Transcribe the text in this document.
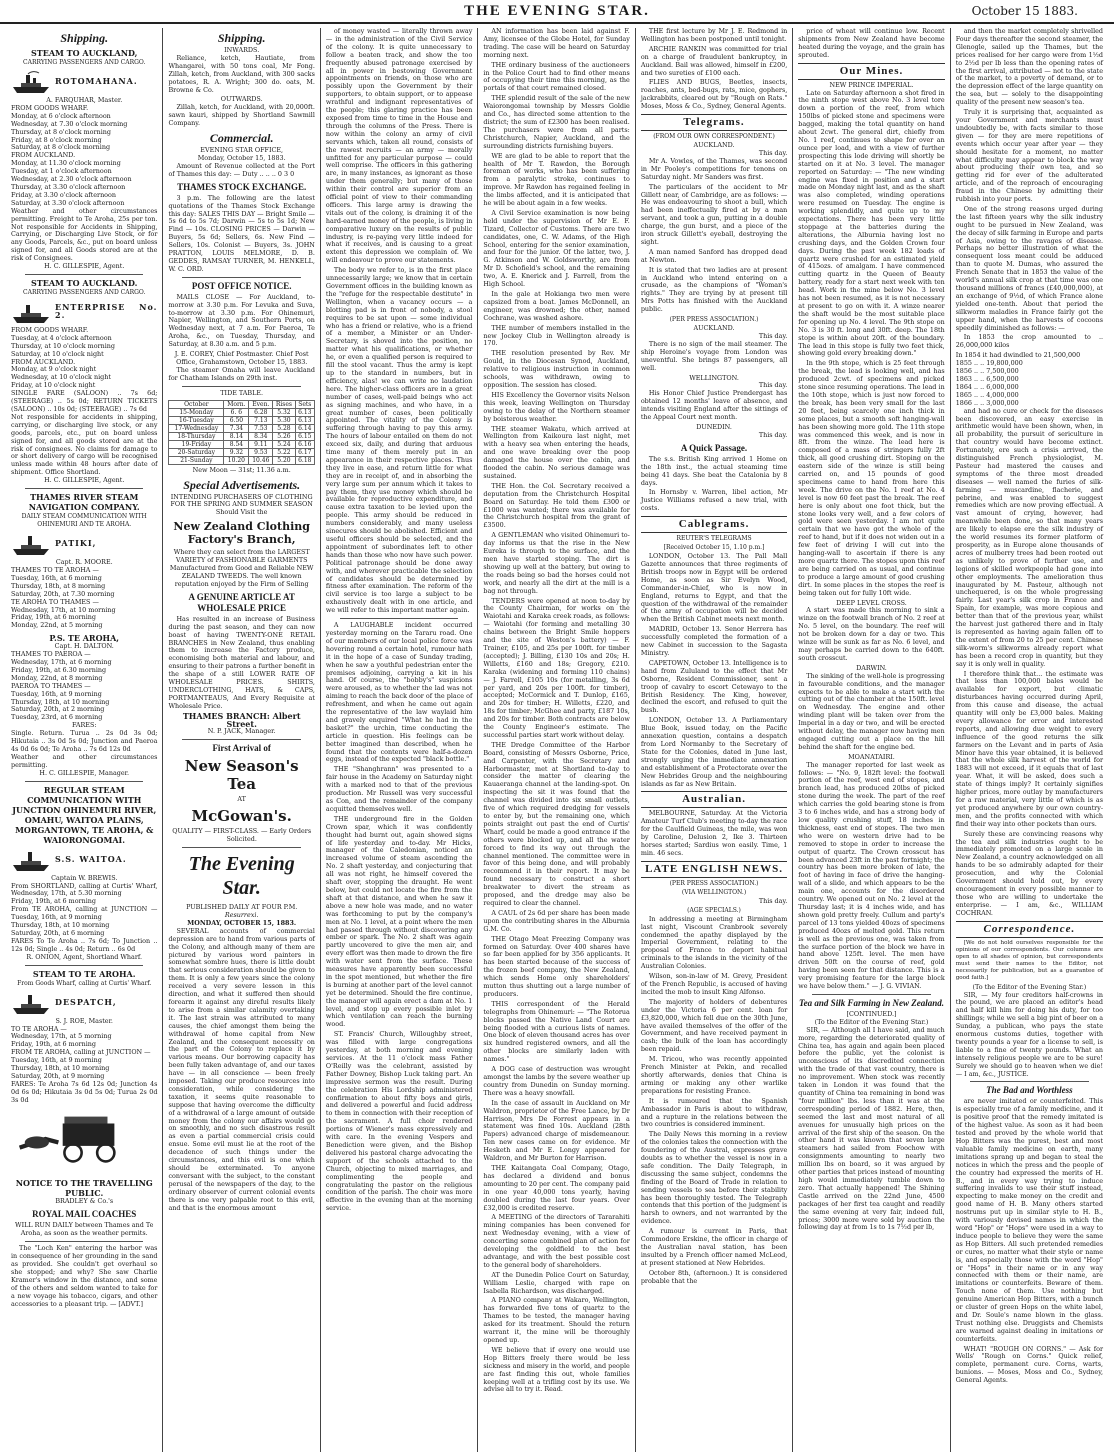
THE EVENING STAR.	October 15 1883.
Shipping.
STEAM TO AUCKLAND,
CARRYING PASSENGERS AND CARGO.
ROTOMAHANA.
A. FARQUHAR, Master.
FROM GOODS WHARF.
Monday, at 6 o'clock afternoon
Wednesday, at 7.30 o'clock morning
Thursday, at 8 o'clock morning
Friday, at 8 o'clock morning
Saturday, at 8 o'clock morning
FROM AUCKLAND.
Monday, at 11.30 o'clock morning
Tuesday, at 1 o'clock afternoon
Wednesday, at 2.30 o'clock afternoon
Thursday, at 3.30 o'clock afternoon
Friday, at 3.30 o'clock afternoon
Saturday, at 3.30 o'clock afternoon
Weather and other circumstances permitting. Freight to Te Aroha, 25s per ton. Not responsible for Accidents in Shipping, Carrying, or Discharging Live Stock, or for any Goods, Parcels, &c., put on board unless signed for, and all Goods stored are at the risk of Consignees.
H. C. GILLESPIE, Agent.
STEAM TO AUCKLAND.
CARRYING PASSENGERS AND CARGO.
ENTERPRISE No. 2.
FROM GOODS WHARF.
Tuesday, at 4 o'clock afternoon
Thursday, at 10 o'clock morning
Saturday, at 10 o'clock night
FROM AUCKLAND.
Monday, at 9 o'clock night
Wednesday, at 10 o'clock night
Friday, at 10 o'clock night
SINGLE FARE (SALOON) .. 7s 6d; (STEERAGE) .. 5s 0d; RETURN TICKETS (SALOON) .. 10s 0d; (STEERAGE) .. 7s 6d
Not responsible for accidents in shipping, carrying, or discharging live stock, or any goods, parcels, etc., put on board unless signed for, and all goods stored are at the risk of consignees. No claims for damage to or short delivery of cargo will be recognised unless made within 48 hours after date of shipment. Office Shortland.
H. C. GILLESPIE, Agent.
THAMES RIVER STEAM NAVIGATION COMPANY.
DAILY STEAM COMMUNICATION WITH OHINEMURI AND TE AROHA.
PATIKI,
Capt. R. MOORE.
THAMES TO TE AROHA —
Tuesday, 16th, at 6 morning
Thursday, 18th, at 8 morning
Saturday, 20th, at 7.30 morning
TE AROHA TO THAMES —
Wednesday, 17th, at 10 morning
Friday, 19th, at 6 morning
Monday, 22nd, at 5 morning
P.S. TE AROHA,
Capt. H. DALTON.
THAMES TO PAEROA —
Wednesday, 17th, at 6 morning
Friday, 19th, at 6.30 morning
Monday, 22nd, at 8 morning
PAEROA TO THAMES —
Tuesday, 16th, at 9 morning
Thursday, 18th, at 10 morning
Saturday, 20th, at 2 morning
Tuesday, 23rd, at 6 morning
FARES:
Single. Return. Turua .. 2s 0d 3s 0d; Hikutaia .. 3s 0d 5s 0d; Junction and Paeroa 4s 0d 6s 0d; Te Aroha .. 7s 6d 12s 0d
Weather and other circumstances permitting.
H. C. GILLESPIE, Manager.
REGULAR STEAM COMMUNICATION WITH JUNCTION OHINEMURI RIVER, OMAHU, WAITOA PLAINS, MORGANTOWN, TE AROHA, & WAIORONGOMAI.
S.S. WAITOA.
Captain W. BREWIS.
From SHORTLAND, calling at Curtis' Wharf, Wednesday, 17th, at 5.30 morning
Friday, 19th, at 6 morning
From TE AROHA, calling at JUNCTION — Tuesday, 16th, at 9 morning
Thursday, 18th, at 10 morning
Saturday, 20th, at 6 morning
FARES To Te Aroha .. 7s 6d; To Junction .. 12s 0d; Single .. 4s 0d; Return .. 6s 0d
R. ONION, Agent, Shortland Wharf.
STEAM TO TE AROHA.
From Goods Wharf, calling at Curtis' Wharf.
DESPATCH,
S. J. ROE, Master.
TO TE AROHA —
Wednesday, 17th, at 5 morning
Friday, 19th, at 6 morning
FROM TE AROHA, calling at JUNCTION —
Tuesday, 16th, at 9 morning
Thursday, 18th, at 10 morning
Saturday, 20th, at 9 morning
FARES: Te Aroha 7s 6d 12s 0d; Junction 4s 0d 6s 0d; Hikutaia 3s 0d 5s 0d; Turua 2s 0d 3s 0d
NOTICE TO THE TRAVELLING PUBLIC.
BRADLEY & Co.'s
ROYAL MAIL COACHES
WILL RUN DAILY between Thames and Te Aroha, as soon as the weather permits.
The "Loch Ken" entering the harbor was in consequence of her grounding in the sand as provided. She couldn't get overhaul so she stopped; and why? She saw Charlie Kramer's window in the distance, and some of the others and seldom wanted to take for a new voyage his tobacco, cigars, and other accessories to a pleasant trip. — [ADVT.]
Shipping.
INWARDS.
Reliance, ketch, Hautiate, from Whangarei, with 50 tons coal, Mr Fong. Zillah, ketch, from Auckland, with 300 sacks potatoes, R. A. Wright; 300 do. oats, M. Browne & Co.
OUTWARDS.
Zillah, ketch, for Auckland, with 20,000ft. sawn kauri, shipped by Shortland Sawmill Company.
Commercial.
EVENING STAR OFFICE,
Monday, October 15, 1883.
Amount of Revenue collected at the Port of Thames this day: — Duty .. .. .. 0 3 0
THAMES STOCK EXCHANGE.
3 p.m. The following are the latest quotations of the Thames Stock Exchange this day: SALES THIS DAY — Bright Smile — 5s 6d to 5s 7d; Darwin — 5s to 5s 1d; New Find — 10s. CLOSING PRICES — Darwin — Buyers, 5s 6d; Sellers, 6s. New Find — Sellers, 10s. Colonist — Buyers, 3s. JOHN PRATTON, LOUIS MELMORE, D. B. GEDDES, RAMSAY TURNER, M. HENKELL, W. C. ORD.
POST OFFICE NOTICE.
MAILS CLOSE — For Auckland, to-morrow at 3.30 p.m. For Levuka and Suva, to-morrow at 3.30 p.m. For Ohinemuri, Napier, Wellington, and Southern Ports, on Wednesday next, at 7 a.m. For Paeroa, Te Aroha, &c., on Tuesday, Thursday, and Saturday, at 8.30 a.m. and 5 p.m.
J. E. COREY, Chief Postmaster. Chief Post Office, Grahamstown, October 15, 1883.
The steamer Omaha will leave Auckland for Chatham Islands on 29th inst.
TIDE TABLE.
October	Morn.	Even.	Rises	Sets
15-Monday	6. 6	6.28	5.32	6.13
16-Tuesday	6.50	7.13	5.30	6.13
17-Wednesday	7.34	7.53	5.28	6.14
18-Thursday	8.14	8.34	5.26	6.15
19-Friday	8.54	9.11	5.24	6.16
20-Saturday	9.32	9.53	5.22	6.17
21-Sunday	10.20	10.46	5.20	6.18
New Moon — 31st; 11.36 a.m.
Special Advertisements.
INTENDING PURCHASERS OF CLOTHING FOR THE SPRING AND SUMMER SEASON Should Visit the
New Zealand Clothing Factory's Branch,
Where they can select from the LARGEST VARIETY of FASHIONABLE GARMENTS Manufactured from Good and Reliable NEW ZEALAND TWEEDS. The well known reputation enjoyed by the Firm of Selling
A GENUINE ARTICLE AT WHOLESALE PRICE
Has resulted in an increase of Business during the past season, and they can now boast of having TWENTY-ONE RETAIL BRANCHES in New Zealand, thus enabling them to increase the Factory produce, economising both material and labour, and ensuring to their patrons a further benefit in the shape of a still LOWER RATE OF WHOLESALE PRICES. SHIRTS, UNDERCLOTHING, HATS, & CAPS, PORTMANTEAUS, And Every Requisite at Wholesale Price.
THAMES BRANCH: Albert Street.
N. P. JACK, Manager.
First Arrival of
New Season's Tea
AT
McGowan's.
QUALITY — FIRST-CLASS. — Early Orders Solicited.
The Evening Star.
PUBLISHED DAILY AT FOUR P.M.
Resurrexi.
MONDAY, OCTOBER 15, 1883.
SEVERAL accounts of commercial depression are to hand from various parts of the Colony, and although many of them are pictured by various word painters in somewhat sombre hues, there is little doubt that serious consideration should be given to them. It is only a few years since the colony received a very severe lesson in this direction, and what it suffered then should forearm it against any direful results likely to arise from a similar calamity overtaking it. The last strain was attributed to many causes, the chief amongst them being the withdrawal of home capital from New Zealand, and the consequent necessity on the part of the Colony to replace it by various means. Our borrowing capacity has been fully taken advantage of, and our taxes have — in all conscience — been freely imposed. Taking our produce resources into consideration, while considering the taxation, it seems quite reasonable to suppose that having overcome the difficulty of a withdrawal of a large amount of outside money from the colony our affairs would go on smoothly, and no such disastrous result as even a partial commercial crisis could ensue. Some evil must lie at the root of the decadence of such things under the circumstances, and this evil is one which should be exterminated. To anyone conversant with the subject, to the constant perusal of the newspapers of the day, to the ordinary observer of current colonial events there is one very palpable root to this evil, and that is the enormous amount
of money wasted — literally thrown away — in the administration of the Civil Service of the colony. It is quite unnecessary to follow a beaten track, and show the too frequently abused patronage exercised by all in power in bestowing Government appointments on friends, on those who are possibly upon the Government by their supporters, to obtain support, or to appease wrathful and indignant representatives of the people; this glaring practice has been exposed from time to time in the House and through the columns of the Press. There is now within the colony an army of civil servants which, taken all round, consists of the rawest recruits — an army — morally unfitted for any particular purpose — could well comprise. The officers in this gathering are, in many instances, as ignorant as those under them generally; but many of those within their control are superior from an official point of view to their commanding officers. This large army is drawing the vitals out of the colony, is draining it of the hard-earned money of the people, is living in comparative luxury on the results of public industry, is re-paying very little indeed for what it receives, and is causing to a great extent this depression we complain of. We will endeavour to prove our statements.
The body we refer to, is in the first place unnecessarily large; we know that in certain Government offices in the building known as the "refuge for the respectable destitute" in Wellington, when a vacancy occurs — a blotting pad is in front of nobody, a stool requires to be sat upon — some individual who has a friend or relative, who is a friend of a member, a Minister or an Under-Secretary, is shoved into the position, no matter what his qualifications, or whether he, or even a qualified person is required to fill the stool vacant. Thus the army is kept up to the standard in numbers, but in efficiency, alas! we can write no laudation here. The higher-class officers are in a great number of cases, well-paid beings who act as signing machines, and who have, in a great number of cases, been politically appointed. The vitality of the Colony is suffering through having to pay this army. The hours of labour entailed on them do not exceed six, daily, and during that arduous time many of them merely put in an appearance in their respective places. Thus they live in ease, and return little for what they are in receipt of, and in absorbing the very large sum per annum which it takes to pay them, they use money which should be available for reproductive expenditure, and cause extra taxation to be levied upon the people. This army should be reduced in numbers considerably, and many useless sinecures should be abolished. Efficient and useful officers should be selected, and the appointment of subordinates left to other hands than those who now have such power. Political patronage should be done away with, and wherever practicable the selection of candidates should be determined by fitness after examination. The reform of the civil service is too large a subject to be exhaustively dealt with in one article, and we will refer to this important matter again.
A LAUGHABLE incident occurred yesterday morning on the Tararu road. One of our members of our local police force was hovering round a certain hotel, rumour hath it in the hope of a case of Sunday trading, when he saw a youthful pedestrian enter the premises adjoining, carrying a kit in his hand. Of course, the "bobby's" suspicions were aroused, as to whether the lad was not aiming to reach the back door of the place of refreshment, and when he came out again the representative of the law waylaid him and gravely enquired "What he had in the basket?" the urchin, time conducting the article in question. His feelings can be better imagined than described, when he found that the contents were half-a-dozen eggs, instead of the expected "black bottle."
THE "Shanghrann" was presented to a fair house in the Academy on Saturday night with a marked nod to that of the previous production. Mr Russell was very successful as Con, and the remainder of the company acquitted themselves well.
THE underground fire in the Golden Crown spar, which it was confidently thought had burnt out, again showed signs of life yesterday and to-day. Mr Hicks, manager of the Caledonian, noticed an increased volume of steam ascending the No. 2 shaft yesterday, and conjecturing that all was not right, he himself covered the shaft over, stopping the draught. He went below, but could not locate the fire from the shaft at that distance, and when he saw it above a new hole was made, and no water was forthcoming to put by the company's men at No. 1 level, at a point where the men had passed through without discovering any ember or spark. The No. 2 shaft was again partly uncovered to give the men air, and every effort was then made to drown the fire with water sent from the surface. These measures have apparently been successful in the spot mentioned, but whether the fire is burning at another part of the level cannot yet be determined. Should the fire continue, the manager will again erect a dam at No. 1 level, and stop up every possible inlet by which ventilation can reach the burning wood.
ST. Francis' Church, Willoughby street, was filled with large congregations yesterday, at both morning and evening services. At the 11 o'clock mass Father O'Reilly was the celebrant, assisted by Father Downey, Bishop Luck taking part. An impressive sermon was the result. During the celebration His Lordship administered confirmation to about fifty boys and girls, and delivered a powerful and lucid address to them in connection with their reception of the sacrament. A full choir rendered portions of Wiener's mass expressively and with care. In the evening Vespers and Benediction were given, and the Bishop delivered his pastoral charge advocating the support of the schools attached to the Church, objecting to mixed marriages, and complimenting the people and congratulating the pastor on the religious condition of the parish. The choir was more effective in the evening than at the morning service.
AN information has been laid against F. Amy, licensee of the Globe Hotel, for Sunday trading. The case will be heard on Saturday morning next.
THE ordinary business of the auctioneers in the Police Court had to find other means of occupying their time this morning, as the portals of that court remained closed.
THE splendid result of the sale of the new Waiorongomai township by Messrs Goldie and Co., has directed some attention to the district; the sum of £2300 has been realised. The purchasers were from all parts: Christchurch, Napier, Auckland, and the surrounding districts furnishing buyers.
WE are glad to be able to report that the health of Mr T. Rawdon, the Borough foreman of works, who has been suffering from a paralytic stroke, continues to improve. Mr Rawdon has regained feeling in the limbs affected, and it is anticipated that he will be about again in a few weeks.
A Civil Service examination is now being held under the supervision of Mr E. F. Tizard, Collector of Customs. There are two candidates, one, C. W. Adams, of the High School, entering for the senior examination, and four for the junior. Of the latter, two, J. G. Atkinson and W. Goldsworthy, are from Mr D. Schofield's school, and the remaining two, A. E. Knerick and J. Farrell, from the High School.
In the gale at Hokianga two men were capsized from a boat. James McDonnell, an engineer, was drowned; the other, named Cochrane, was washed ashore.
THE number of members installed in the new Jockey Club in Wellington already is 170.
THE resolution presented by Rev. Mr Gould, in the Diocesan Synod, Auckland, relative to religious instruction in common schools, was withdrawn, owing to opposition. The session has closed.
HIS Excellency the Governor visits Nelson this week, leaving Wellington on Thursday owing to the delay of the Northern steamer by boisterous weather.
THE steamer Wakatu, which arrived at Wellington from Kaikoura last night, met with a heavy sea when entering the heads, and one wave breaking over the poop damaged the house over the cabin, and flooded the cabin. No serious damage was sustained.
THE Hon. the Col. Secretary received a deputation from the Christchurch Hospital Board on Saturday. He told them £300 or £1000 was wanted; there was available for the Christchurch hospital from the grant of £3500.
A GENTLEMAN who visited Ohinemuri to-day informs us that the rise in the New Eureka is through to the surface, and the men have started stoping. The dirt is showing up well at the battery, but owing to the roads being so bad the horses could not work, and nearly all the dirt at the mill is a bag not through.
TENDERS were opened at noon to-day by the County Chairman, for works on the Waiotahi and Karaka creek roads, as follows: — Waiotahi (for forming and metalling 30 chains between the Bright Smile hoppers and the site of Weston's battery) — F. Trainer, £105, and 25s per 100ft. for timber (accepted); J. Billing, £130 10s and 20s; H. Willetts, £160 and 18s; Gregory, £210. Karaka (widening and forming 110 chains) — J. Farrell, £105 10s (for metalling, 3s 6d per yard, and 20s per 100ft. for timber), accepted; McCormick and T. Dunlop, £165, and 20s for timber; H. Willetts, £220, and 18s for timber; McGhee and party, £187 10s, and 20s for timber. Both contracts are below the County Engineer's estimate. The successful parties start work without delay.
THE Dredge Committee of the Harbor Board, consisting of Messrs Osborne, Price, and Carpenter, with the Secretary and Harbormaster, met at Shortland to-day to consider the matter of clearing the Kauaeranga channel at the landing-spot. On inspecting the sit it was found that the channel was divided into six small outlets, five of which required dredging for vessels to enter by, but the remaining one, which points straight out past the end of Curtis' Wharf, could be made a good entrance if the others were blocked up, and all the water forced to find its way out through the channel mentioned. The committee were in favor of this being done, and will probably recommend it in their report. It may be found necessary to construct a short breakwater to divert the stream as proposed, and the dredge may also be required to clear the channel.
A CAUL of 2s 6d per share has been made upon the contributing shares in the Alburnia G.M. Co.
THE Otago Meat Freezing Company was formed on Saturday. Over 400 shares have so far been applied for by 356 applicants. It has been started because of the success of the frozen beef company, the New Zealand, which sends Home only shareholders' mutton thus shutting out a large number of producers.
THIS correspondent of the Herald telegraphs from Ohinemuri: — "The Rotorua blocks passed the Native Land Court are being flooded with a curious lists of names. One block of eleven thousand acres has over six hundred registered owners, and all the other blocks are similarly laden with names."
A DOG case of destruction was wrought amongst the lambs by the severe weather up country from Dunedin on Sunday morning. There was a heavy snowfall.
In the case of assault in Auckland on Mr Waldron, proprietor of the Free Lance, by Dr Harrison, Mrs De Forrest appears in a statement was fined 10s. Auckland (28th Papers) advanced charge of misdemeanour. Ten new cases came on for evidence. Mr Hesketh and Mr E. Longy appeared for Waldron, and Mr Burton for Harrison.
THE Kaitangata Coal Company, Otago, has declared a dividend and bonus amounting to 20 per cent. The company paid in one year 40,000 tons yearly, having doubled during the last four years. Over £32,000 is credited reserve.
A MEETING of the directors of Tararahiti mining companies has been convened for next Wednesday evening, with a view of concerting some combined plan of action for developing the goldfield to the best advantage, and with the best possible cost to the general body of shareholders.
AT the Dunedin Police Court on Saturday, William Leslie, charged with rape on Isabella Richardson, was discharged.
A PIANO company at Wakaro, Wellington, has forwarded five tons of quartz to the Thames to be tested, the manager having asked for its treatment. Should the return warrant it, the mine will be thoroughly opened up.
WE believe that if every one would use Hop Bitters freely there would be less sickness and misery in the world, and people are fast finding this out, whole families keeping well at a trifling cost by its use. We advise all to try it. Read.
THE first lecture by Mr J. E. Redmond in Wellington has been postponed until tonight.
ARCHIE RANKIN was committed for trial on a charge of fraudulent bankruptcy, in Auckland. Bail was allowed, himself in £200, and two sureties of £100 each.
FLIES AND BUGS, Beetles, insects, roaches, ants, bed-bugs, rats, mice, gophers, jackrabbits, cleared out by "Rough on Rats." Moses, Moss & Co., Sydney, General Agents.
Telegrams.
(FROM OUR OWN CORRESPONDENT.)
AUCKLAND.
This day.
Mr A. Vowles, of the Thames, was second in Mr Pooley's competitions for tenons on Saturday night. Mr Sanders was first.
The particulars of the accident to Mr Gillett near, of Cambridge, are as follows: — He was endeavouring to shoot a bull, which had been ineffectually fired at by a man servant, and took a gun, putting in a double charge, the gun burst, and a piece of the iron struck Gillett's eyeball, destroying the sight.
A man named Sanford has dropped dead at Newton.
It is stated that two ladies are at present in Auckland who intend entering on a crusade, as the champions of "Woman's rights." They are trying by at present till Mrs Potts has finished with the Auckland public.
(PER PRESS ASSOCIATION.)
AUCKLAND.
This day.
There is no sign of the mail steamer. The ship Heroine's voyage from London was uneventful. She brings 87 passengers, all well.
WELLINGTON.
This day.
His Honor Chief Justice Prendergast has obtained 12 months' leave of absence, and intends visiting England after the sittings of the Appeal Court next month.
DUNEDIN.
This day.
A Quick Passage.
The s.s. British King arrived 1 Home on the 18th inst., the actual steaming time being 41 days. She beat the Catalonia by 8 days.
In Hornsby v. Warren, libel action, Mr Justice Williams refused a new trial, with costs.
Cablegrams.
REUTER'S TELEGRAMS
[Received October 15, 1.10 p.m.]
LONDON, October 13. The Pall Mall Gazette announces that three regiments of British troops now in Egypt will be ordered Home, as soon as Sir Evelyn Wood, Commander-in-Chief, who is now in England, returns to Egypt, and that the question of the withdrawal of the remainder of the army of occupation will be decided when the British Cabinet meets next month.
MADRID, October 13. Senor Herrera has successfully completed the formation of a new Cabinet in succession to the Sagasta Ministry.
CAPETOWN, October 13. Intelligence is to hand from Zululand to the effect that Mr Osborne, Resident Commissioner, sent a troop of cavalry to escort Cetewayo to the British Residency. The King, however, declined the escort, and refused to quit the bush.
LONDON, October 13. A Parliamentary Blue Book, issued today, on the Pacific annexation question, contains a despatch from Lord Normanby to the Secretary of State for the Colonies, dated in June last, strongly urging the immediate annexation and establishment of a Protectorate over the New Hebrides Group and the neighbouring islands as far as New Britain.
Australian.
MELBOURNE, Saturday. At the Victoria Amateur Turf Club's meeting to-day the race for the Caulfield Guineas, the mile, was won by Caroline, Delusion 2, Ike 3. Thirteen horses started; Sardius won easily. Time, 1 min. 46 secs.
LATE ENGLISH NEWS.
(PER PRESS ASSOCIATION.)
(VIA WELLINGTON.)
This day.
(AGE SPECIALS.)
In addressing a meeting at Birmingham last night, Viscount Cranbrook severely condemned the apathy displayed by the Imperial Government, relating to the proposal of France to deport habitual criminals to the islands in the vicinity of the Australian Colonies.
Wilson, son-in-law of M. Grevy, President of the French Republic, is accused of having incited the mob to insult King Alfonso.
The majority of holders of debentures under the Victoria 6 per cent. loan for £3,820,000, which fell due on the 30th June, have availed themselves of the offer of the Government, and have received payment in cash; the bulk of the loan has accordingly been repaid.
M. Tricou, who was recently appointed French Minister at Pekin, and recalled shortly afterwards, denies that China is arming or making any other warlike preparations for resisting France.
It is rumoured that the Spanish Ambassador in Paris is about to withdraw, and a rupture in the relations between the two countries is considered imminent.
The Daily News this morning in a review of the colonies takes the connection with the foundering of the Austral, expresses grave doubts as to whether the vessel is now in a safe condition. The Daily Telegraph, in discussing the same subject, condemns the finding of the Board of Trade in relation to sending vessels to sea before their stability has been thoroughly tested. The Telegraph contends that this portion of the judgment is harsh to owners, and not warranted by the evidence.
A rumour is current in Paris, that Commodore Erskine, the officer in charge of the Australian naval station, has been insulted by a French officer named McLeod, at present stationed at New Hebrides.
October 8th, (afternoon.) It is considered probable that the
price of wheat will continue low. Recent shipments from New Zealand have become heated during the voyage, and the grain has sprouted.
Our Mines.
NEW PRINCE IMPERIAL.
Late on Saturday afternoon a shot fired in the ninth stope west above No. 3 level tore down a portion of the reef, from which 150lbs of picked stone and specimens were bagged, making the total quantity on hand about 2cwt. The general dirt, chiefly from No. 1 reef, continues to shape for over an ounce per load, and with a view of further prospecting this lode driving will shortly be started on it at No. 3 level. The manager reported on Saturday: — "The new winding engine was fixed in position and a start made on Monday night last, and as the shaft was also completed, winding operations were resumed on Tuesday. The engine is working splendidly, and quite up to my expectations. There has been very little stoppage at the batteries during the alterations, the Alburnia having lost no crushing days, and the Golden Crown four days. During the past week 182 loads of quartz were crushed for an estimated yield of 415ozs. of amalgam. I have commenced cutting quartz in the Queen of Beauty battery, ready for a start next week with ten head. Work in the mine below No. 3 level has not been resumed, as it is not necessary at present to go on with it. A winze nearer the shaft would be the most suitable place for opening up No. 4 level. The 9th stope on No. 3 is 30 ft. long and 30ft. deep. The 18th stope is within about 20ft. of the boundary. The lead in this stope is fully two feet thick, showing gold every breaking down."
In the 9th stope, which is 25 feet through the break, the lead is looking well, and has produced 2cwt. of specimens and picked stone since resuming operations. The lead in the 10th stope, which is just now forced to the break, has been very small for the last 20 feet, being scarcely one inch thick in some places, but a smooth soft hanging-wall has been showing more gold. The 11th stope was commenced this week, and is now in 8ft. from the winze. The lead here is composed of a mass of stringers fully 2ft thick, all good crushing dirt. Stoping on the eastern side of the winze is still being carried on, and 15 pounds of good specimens came to hand from here this week. The drive on the No. 1 reef at No. 4 level is now 60 feet past the break. The reef here is only about one foot thick, but the stone looks very well, and a few colors of gold were seen yesterday. I am not quite certain that we have got the whole of the reef to hand, but if it does not widen out in a few feet of driving I will cut into the hanging-wall to ascertain if there is any more quartz there. The stopes upon this reef are being carried on as usual, and continue to produce a large amount of good crushing dirt. In some places in the stopes the reef is being taken out for fully 10ft wide.
DEEP LEVEL CROSS.
A start was made this morning to sink a winze on the footwall branch of No. 2 reef at No. 5 level, on the boundary. The reef will not be broken down for a day or two. This winze will be sunk as far as No. 6 level, and may perhaps be carried down to the 640ft. south crosscut.
DARWIN.
The sinking of the well-hole is progressing in favourable conditions, and the manager expects to be able to make a start with the cutting out of the chamber at the 150ft. level on Wednesday. The engine and other winding plant will be taken over from the Imperial in a day or two, and will be erected without delay, the manager now having men engaged cutting out a place on the hill behind the shaft for the engine bed.
MOANATAIRI.
The manager reported for last week as follows: — "No. 9, 182ft level: the footwall portion of the reef, west end of stopes, and branch lead, has produced 20lbs of picked stone during the week. The part of the reef which carries the gold bearing stone is from 3 to 6 inches wide, and has a strong body of low quality crushing stuff, 18 inches in thickness, east end of stopes. The two men who were on western drive had to be removed to stope in order to increase the output of quartz. The Crown crosscut has been advanced 23ft in the past fortnight; the country has been more broken of late, the foot of having in face of drive the hanging-wall of a slide, and which appears to be the main one, accounts for the disordered country. We opened out on No. 2 level at the Thursday last; it is 4 inches wide, and has shown gold pretty freely. Cullum and party's parcel of 13 tons yielded 40ozs of specimens produced 40ozs of melted gold. This return is well as the previous one, was taken from the surface portion of the block we have in hand above 125ft. level. The men have driven 50ft on the course of reef, gold having been seen for that distance. This is a very promising feature for the large block we have below them." — J. G. VIVIAN.
Tea and Silk Farming in New Zealand.
[CONTINUED.]
(To the Editor of the Evening Star.)
SIR, — Although all I have said, and much more, regarding the deteriorated quality of China tea, has again and again been placed before the public, yet the colonist is unconscious of its discredited connection with the trade of that vast country, there is no improvement. When stock was recently taken in London it was found that the quantity of China tea remaining in bond was "four million" lbs. less than it was at the corresponding period of 1882. Here, then, seemed the last and most natural of all avenues for unusually high prices on the arrival of the first ship of the season. On the other hand it was known that seven large steamers had sailed from Foochow with consignments amounting to nearly two million lbs on board, so it was argued by other parties that prices instead of mounting high would immediately tumble down to zero. That actually happened! The Shining Castle arrived on the 22nd June, 4500 packages of her first tea caught and readily the same evening at very fair, indeed full, prices; 3000 more were sold by auction the following day at from 1s to 1s 7½d per lb,
and then the market completely shrivelled Four days thereafter the second steamer, the Glenogle, sailed up the Thames, but the prices realised for her cargo were from 1½d to 2½d per lb less than the opening rates of the first arrival, attributed — not to the state of the market, to a poverty of demand, or to the depression effect of the large quantity on the sea, but — solely to the disappointing quality of the present new season's tea.
Truly it is surprising that, acquainted as your Government and merchants must undoubtedly be, with facts similar to those given — for they are mere repetitions of events which occur year after year — they should hesitate for a moment, no matter what difficulty may appear to block the way about producing their own tea, and so getting rid for ever of the adulterated article, and of the reproach of encouraging fraud in the Chinese by admitting their rubbish into your ports.
One of the strong reasons urged during the last fifteen years why the silk industry ought to be pursued in New Zealand, was the decay of silk farming in Europe and parts of Asia, owing to the ravages of disease. Perhaps no better illustration of what the consequent loss meant could be adduced than to quote M. Dumas, who assured the French Senate that in 1853 the value of the world's annual silk crop at that time was one thousand millions of francs (£40,000,000), at an exchange of 9½d, of which France alone yielded one-tenth. About that period the silkworm maladies in France fairly got the upper hand, when the harvests of cocoons speedily diminished as follows: —
In 1853 the crop amounted to .. 26,000,000 kilos
In 1854 it had dwindled to 21,500,000
1855 .. .. 19,800,000
1856 .. .. 7,500,000
1863 .. .. 6,500,000
1864 .. .. 6,000,000
1865 .. .. 4,000,000
1866 .. .. 3,000,000
and had no cure or check for the diseases been discovered, an easy exercise in arithmetic would have been shown, when, in all probability, the pursuit of sericulture in that country would have become extinct. Fortunately, ere such a crisis arrived, the distinguished French physiologist, M. Pasteur had mastered the causes and symptoms of the three most dreaded diseases — well named the furies of silk-farming — muscardine, flacherie, and pebrine, and was enabled to suggest remedies which are now proving effectual. A vast amount of crying, however, had meanwhile been done, so that many years are likely to elapse ere the silk industry of the world resumes its former platform of prosperity, as in Europe alone thousands of acres of mulberry trees had been rooted out as unlikely to prove of further use, and legions of skilled workpeople had gone into other employments. The amelioration thus inaugurated by M. Pasteur, although not unchequered, is on the whole progressing fairly. Last year's silk crop in France and Spain, for example, was more copious and better than that of the previous year, whilst the harvest just gathered there and in Italy is represented as having again fallen off to the extent of from 20 to 25 per cent. Chinese silk-worm's silkworms already report what has been a record crop in quantity, but they say it is only well in quality.
I therefore think that... the estimate was that less than 100,000 bales would be available for export, but climatic disturbances having occurred during April, from this cause and disease, the actual quantity will only be £3,000 bales. Making every allowance for error and interested reports, and allowing due weight to every influence of the good returns the silk farmers on the Levant and in parts of Asia Minor have this year obtained, it is believed that the whole silk harvest of the world for 1883 will not exceed, if it equals that of last year. What, it will be asked, does such a state of things imply? It certainly signifies higher prices, more outlay by manufacturers for a raw material, very little of which is as yet produced anywhere by our own country-men, and the profits connected with which find their way into other pockets than ours.
Surely these are convincing reasons why the tea and silk industries ought to be immediately promoted on a large scale in New Zealand, a country acknowledged on all hands to be so admirably adapted for their prosecution, and why the Colonial Government should hold out, by every encouragement in every possible manner to those who are willing to undertake the enterprise. — I am, &c., WILLIAM COCHRAN.
Correspondence.
[We do not hold ourselves responsible for the opinions of our correspondents. Our columns are open to all shades of opinion, but correspondents must send their names to the Editor, not necessarily for publication, but as a guarantee of good faith.]
(To the Editor of the Evening Star.)
SIR, — My four creditors half-crowns in the pound, we are placed an editor's head and half kill him for doing his duty, for too shillings; while we sell a big pint of beer on a Sunday, a publican, who pays the state enormous customs duties, together with twenty pounds a year for a license to sell, is liable to a fine of twenty pounds. What an intensely religious people we are to be sure! Surely we should go to heaven when we die! — I am, &c., JUSTICE.
The Bad and Worthless
are never imitated or counterfeited. This is especially true of a family medicine, and it is positive proof that the remedy imitated is of the highest value. As soon as it had been tested and proved by the whole world that Hop Bitters was the purest, best and most valuable family medicine on earth, many imitations sprang up and began to steal the notices in which the press and the people of the country had expressed the merits of H. B., and in every way trying to induce suffering invalids to use their stuff instead, expecting to make money on the credit and good name of H. B. Many others started nostrums put up in similar style to H. B., with variously devised names in which the word "Hop" or "Hops" were used in a way to induce people to believe they were the same as Hop Bitters. All such pretended remedies or cures, no matter what their style or name is, and especially those with the word "Hop" or "Hops" in their name or in any way connected with them or their name, are imitations or counterfeits. Beware of them. Touch none of them. Use nothing but genuine American Hop Bitters, with a bunch or cluster of green Hops on the white label, and Dr. Soule's name blown in the glass. Trust nothing else. Druggists and Chemists are warned against dealing in imitations or counterfeits.
WHAT! "ROUGH ON CORNS." — Ask for Wells' "Rough on Corns." Quick relief, complete, permanent cure. Corns, warts, bunions. — Moses, Moss and Co., Sydney, General Agents.
